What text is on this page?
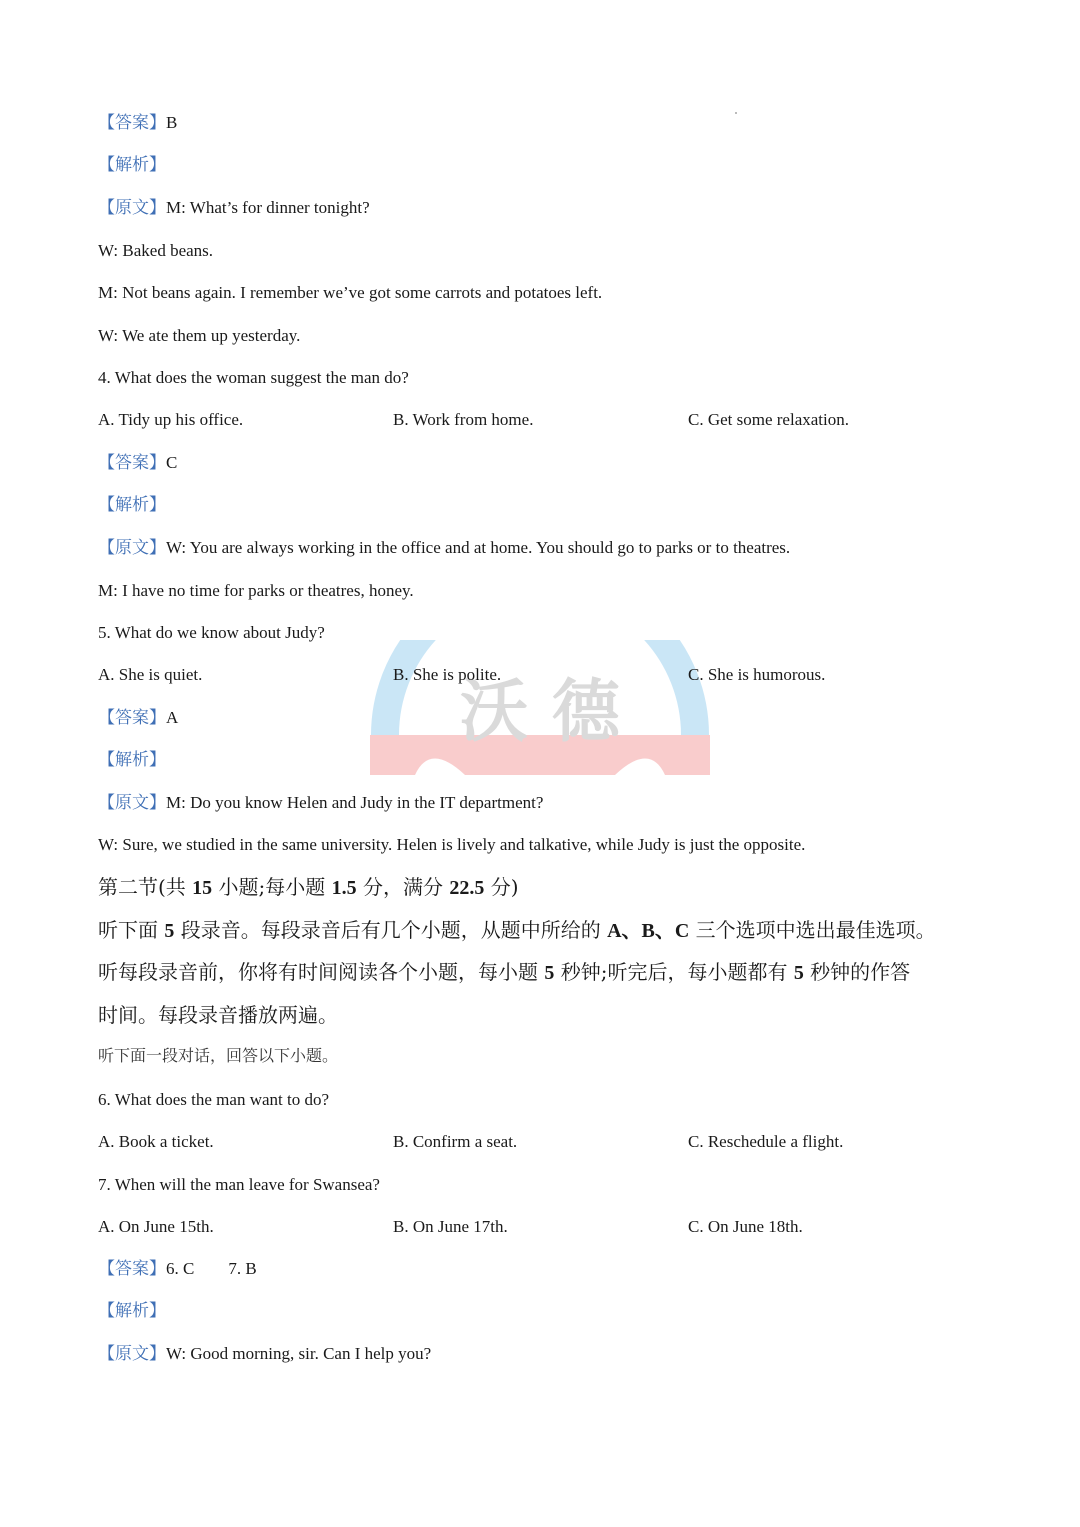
沃 德
【答案】B
【解析】
【原文】M: What’s for dinner tonight?
W: Baked beans.
M: Not beans again. I remember we’ve got some carrots and potatoes left.
W: We ate them up yesterday.
4. What does the woman suggest the man do?
A. Tidy up his office.	B. Work from home.	C. Get some relaxation.
【答案】C
【解析】
【原文】W: You are always working in the office and at home. You should go to parks or to theatres.
M: I have no time for parks or theatres, honey.
5. What do we know about Judy?
A. She is quiet.	B. She is polite.	C. She is humorous.
【答案】A
【解析】
【原文】M: Do you know Helen and Judy in the IT department?
W: Sure, we studied in the same university. Helen is lively and talkative, while Judy is just the opposite.
第二节(共 15 小题;每小题 1.5 分，满分 22.5 分)
听下面 5 段录音。每段录音后有几个小题，从题中所给的 A、B、C 三个选项中选出最佳选项。
听每段录音前，你将有时间阅读各个小题，每小题 5 秒钟;听完后，每小题都有 5 秒钟的作答
时间。每段录音播放两遍。
听下面一段对话，回答以下小题。
6. What does the man want to do?
A. Book a ticket.	B. Confirm a seat.	C. Reschedule a flight.
7. When will the man leave for Swansea?
A. On June 15th.	B. On June 17th.	C. On June 18th.
【答案】6. C        7. B
【解析】
【原文】W: Good morning, sir. Can I help you?
